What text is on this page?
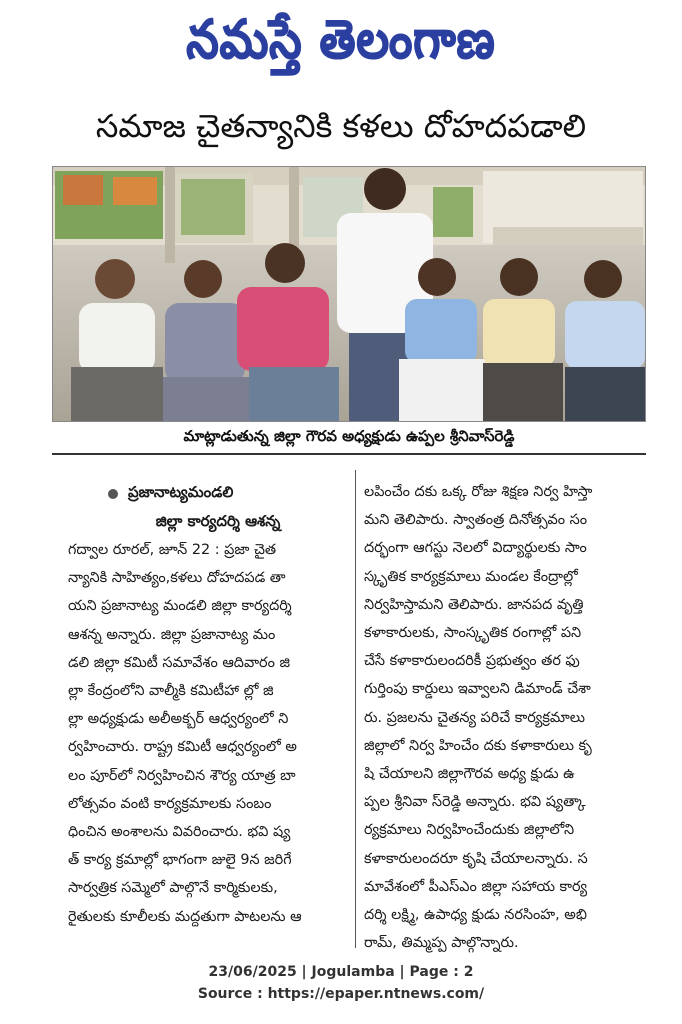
నమస్తే తెలంగాణ
సమాజ చైతన్యానికి కళలు దోహదపడాలి
మాట్లాడుతున్న జిల్లా గౌరవ అధ్యక్షుడు ఉప్పల శ్రీనివాస్‌రెడ్డి
ప్రజానాట్యమండలి
జిల్లా కార్యదర్శి ఆశన్న
గద్వాల రూరల్, జూన్ 22 : ప్రజా చైత
న్యానికి సాహిత్యం,కళలు దోహదపడ తా
యని ప్రజానాట్య మండలి జిల్లా కార్యదర్శి
ఆశన్న అన్నారు. జిల్లా ప్రజానాట్య మం
డలి జిల్లా కమిటీ సమావేశం ఆదివారం జి
ల్లా కేంద్రంలోని వాల్మీకి కమిటీహా ల్లో జి
ల్లా అధ్యక్షుడు అలీఅక్బర్ ఆధ్వర్యంలో ని
ర్వహించారు. రాష్ట్ర కమిటీ ఆధ్వర్యంలో అ
లం పూర్‌లో నిర్వహించిన శౌర్య యాత్ర బా
లోత్సవం వంటి కార్యక్రమాలకు సంబం
ధించిన అంశాలను వివరించారు. భవి ష్య
త్ కార్య క్రమాల్లో భాగంగా జులై 9న జరిగే
సార్వత్రిక సమ్మెలో పాల్గొనే కార్మికులకు,
రైతులకు కూలీలకు మద్దతుగా పాటలను ఆ
లపించేం దకు ఒక్క రోజు శిక్షణ నిర్వ హిస్తా
మని తెలిపారు. స్వాతంత్ర దినోత్సవం సం
దర్భంగా ఆగస్టు నెలలో విద్యార్థులకు సాం
స్కృతిక కార్యక్రమాలు మండల కేంద్రాల్లో
నిర్వహిస్తామని తెలిపారు. జానపద వృత్తి
కళాకారులకు, సాంస్కృతిక రంగాల్లో పని
చేసే కళాకారులందరికీ ప్రభుత్వం తర ఫు
గుర్తింపు కార్డులు ఇవ్వాలని డిమాండ్ చేశా
రు. ప్రజలను చైతన్య పరిచే కార్యక్రమాలు
జిల్లాలో నిర్వ హించేం దకు కళాకారులు కృ
షి చేయాలని జిల్లాగౌరవ అధ్య క్షుడు ఉ
ప్పల శ్రీనివా స్‌రెడ్డి అన్నారు. భవి ష్యత్కా
ర్యక్రమాలు నిర్వహించేందుకు జిల్లాలోని
కళాకారులందరూ కృషి చేయాలన్నారు. స
మావేశంలో పీఎస్‌ఎం జిల్లా సహాయ కార్య
దర్శి లక్ష్మి, ఉపాధ్య క్షుడు నరసింహ, అభి
రామ్, తిమ్మప్ప పాల్గొన్నారు.
23/06/2025 | Jogulamba | Page : 2
Source : https://epaper.ntnews.com/
